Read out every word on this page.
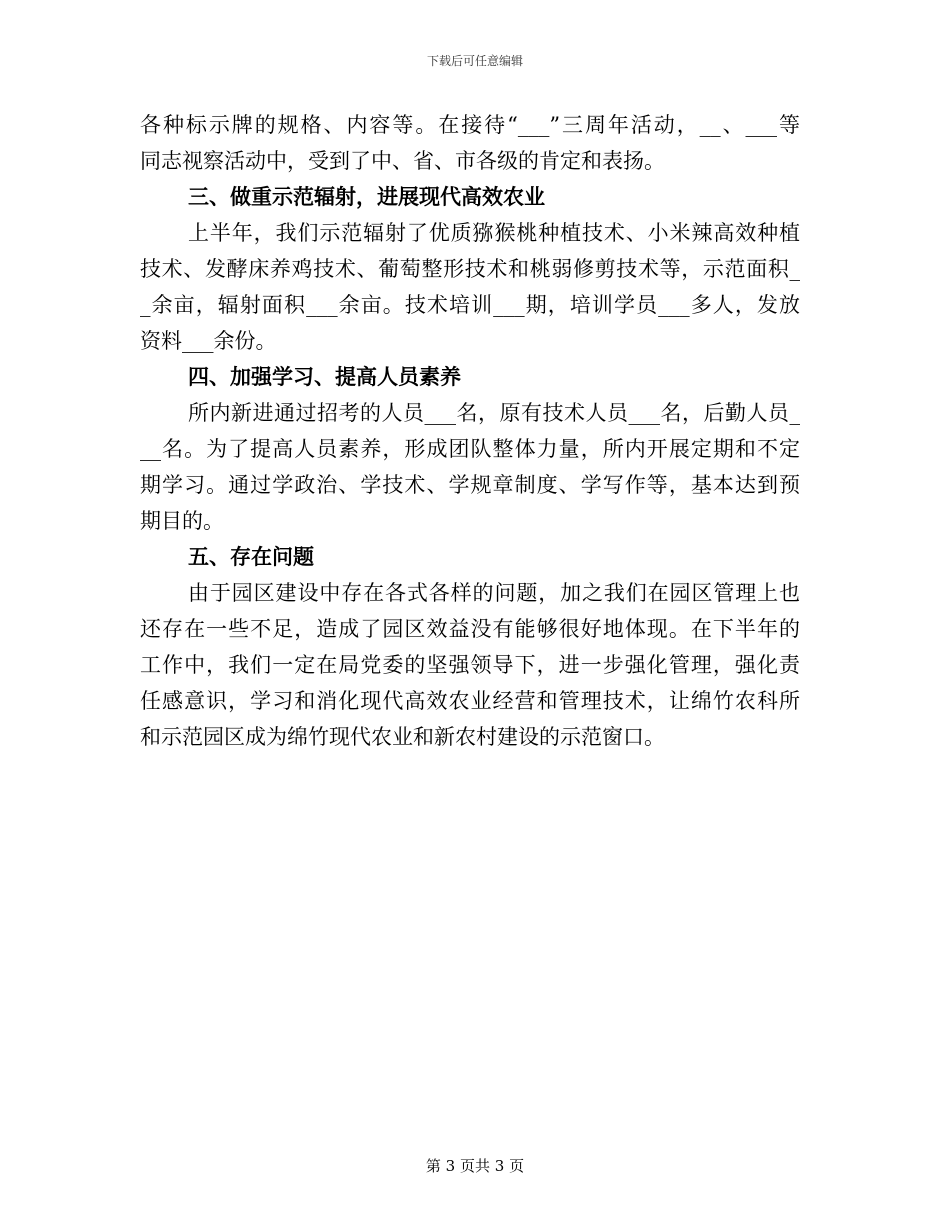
下载后可任意编辑
各种标示牌的规格、内容等。在接待“___”三周年活动，__、___等
同志视察活动中，受到了中、省、市各级的肯定和表扬。
三、做重示范辐射，进展现代高效农业
上半年，我们示范辐射了优质猕猴桃种植技术、小米辣高效种植
技术、发酵床养鸡技术、葡萄整形技术和桃弱修剪技术等，示范面积_
_余亩，辐射面积___余亩。技术培训___期，培训学员___多人，发放
资料___余份。
四、加强学习、提高人员素养
所内新进通过招考的人员___名，原有技术人员___名，后勤人员_
__名。为了提高人员素养，形成团队整体力量，所内开展定期和不定
期学习。通过学政治、学技术、学规章制度、学写作等，基本达到预
期目的。
五、存在问题
由于园区建设中存在各式各样的问题，加之我们在园区管理上也
还存在一些不足，造成了园区效益没有能够很好地体现。在下半年的
工作中，我们一定在局党委的坚强领导下，进一步强化管理，强化责
任感意识，学习和消化现代高效农业经营和管理技术，让绵竹农科所
和示范园区成为绵竹现代农业和新农村建设的示范窗口。
第 3 页共 3 页
